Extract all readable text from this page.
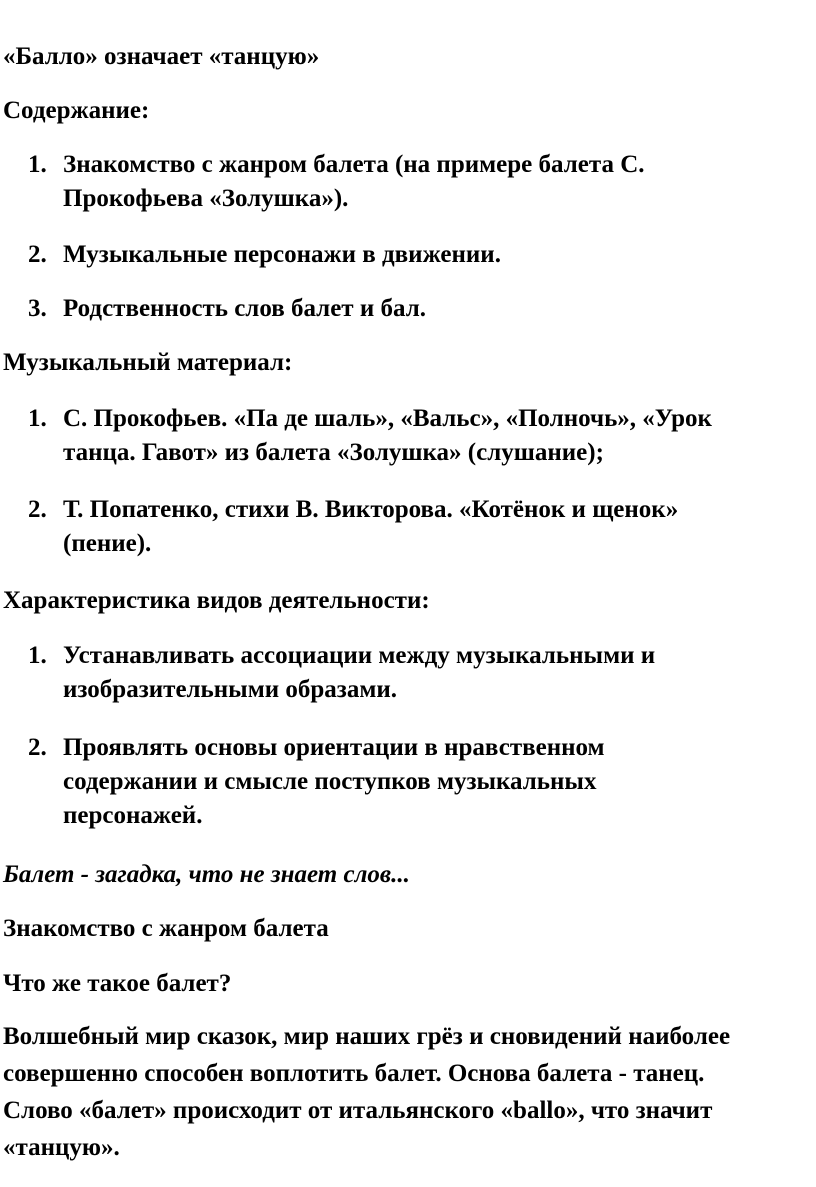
«Балло» означает «танцую»

Содержание:

1. Знакомство с жанром балета (на примере балета С.
Прокофьева «Золушка»).
2. Музыкальные персонажи в движении.
3. Родственность слов балет и бал.

Музыкальный материал:

1. С. Прокофьев. «Па де шаль», «Вальс», «Полночь», «Урок
танца. Гавот» из балета «Золушка» (слушание);
2. Т. Попатенко, стихи В. Викторова. «Котёнок и щенок»
(пение).

Характеристика видов деятельности:

1. Устанавливать ассоциации между музыкальными и
изобразительными образами.
2. Проявлять основы ориентации в нравственном
содержании и смысле поступков музыкальных
персонажей.

Балет - загадка, что не знает слов...

Знакомство с жанром балета

Что же такое балет?

Волшебный мир сказок, мир наших грёз и сновидений наиболее

совершенно способен воплотить балет. Основа балета - танец.

Слово «балет» происходит от итальянского «ballo», что значит

«танцую».
